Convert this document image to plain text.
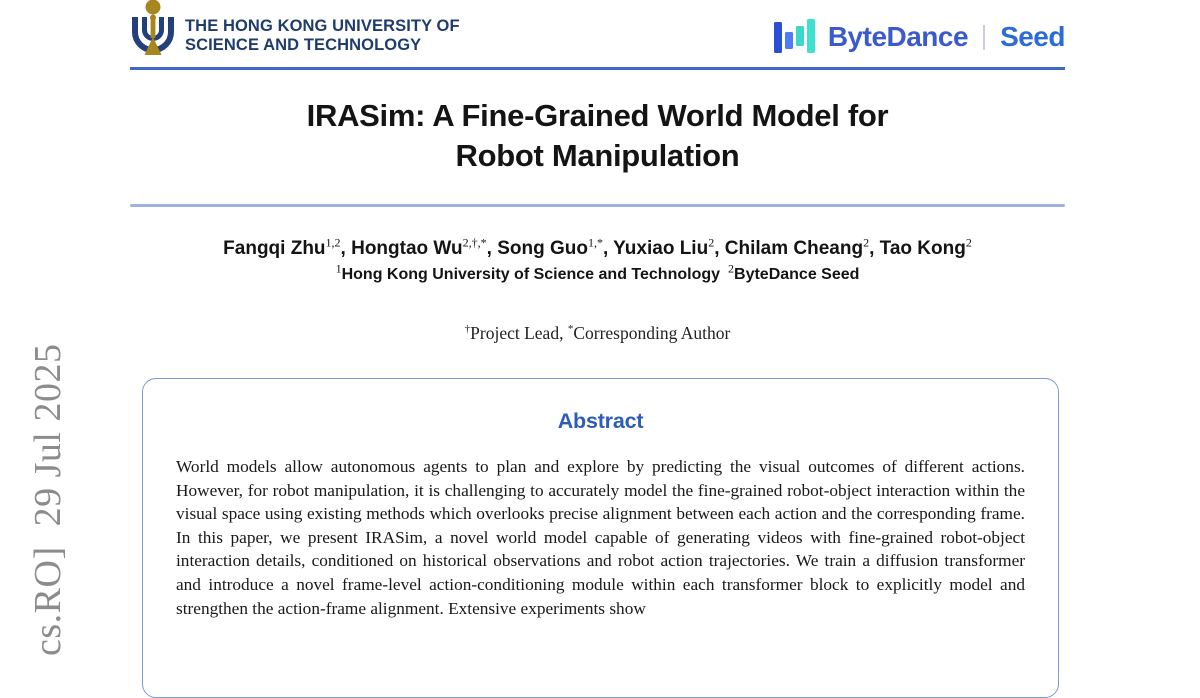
THE HONG KONG UNIVERSITY OF
SCIENCE AND TECHNOLOGY	ByteDance Seed
IRASim: A Fine-Grained World Model for
Robot Manipulation
Fangqi Zhu$^{1,2}$, Hongtao $Wu^{2,\dagger,*}$, Song Guo$^{1,*}$, Yuxiao Liu$^2$, Chilam Cheang$^2$, Tao Kong$^2$
$^1$Hong Kong University of Science and Technology $^2$ByteDance Seed
†Project Lead, *Corresponding Author
Abstract
World models allow autonomous agents to plan and explore by predicting the visual outcomes of different actions. However, for robot manipulation, it is challenging to accurately model the fine-grained robot-object interaction within the visual space using existing methods which overlooks precise alignment between each action and the corresponding frame. In this paper, we present IRASim, a novel world model capable of generating videos with fine-grained robot-object interaction details, conditioned on historical observations and robot action trajectories. We train a diffusion transformer and introduce a novel frame-level action-conditioning module within each transformer block to explicitly model and strengthen the action-frame alignment. Extensive experiments show
cs.RO]  29 Jul 2025
